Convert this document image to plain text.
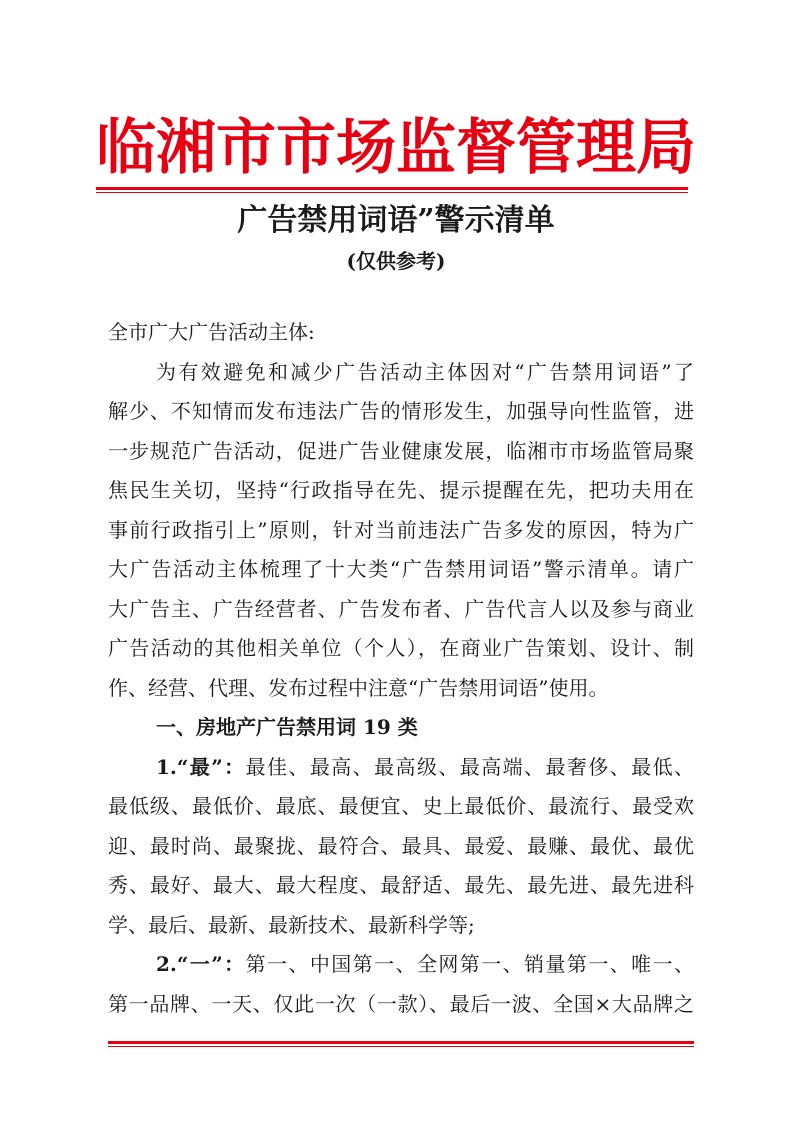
临湘市市场监督管理局
广告禁用词语”警示清单
(仅供参考)
全市广大广告活动主体:
为有效避免和减少广告活动主体因对“广告禁用词语”了
解少、不知情而发布违法广告的情形发生，加强导向性监管，进
一步规范广告活动，促进广告业健康发展，临湘市市场监管局聚
焦民生关切，坚持“行政指导在先、提示提醒在先，把功夫用在
事前行政指引上”原则，针对当前违法广告多发的原因，特为广
大广告活动主体梳理了十大类“广告禁用词语”警示清单。请广
大广告主、广告经营者、广告发布者、广告代言人以及参与商业
广告活动的其他相关单位（个人），在商业广告策划、设计、制
作、经营、代理、发布过程中注意“广告禁用词语”使用。
一、房地产广告禁用词 19 类
1.“最”：最佳、最高、最高级、最高端、最奢侈、最低、
最低级、最低价、最底、最便宜、史上最低价、最流行、最受欢
迎、最时尚、最聚拢、最符合、最具、最爱、最赚、最优、最优
秀、最好、最大、最大程度、最舒适、最先、最先进、最先进科
学、最后、最新、最新技术、最新科学等;
2.“一”：第一、中国第一、全网第一、销量第一、唯一、
第一品牌、一天、仅此一次（一款）、最后一波、全国×大品牌之
